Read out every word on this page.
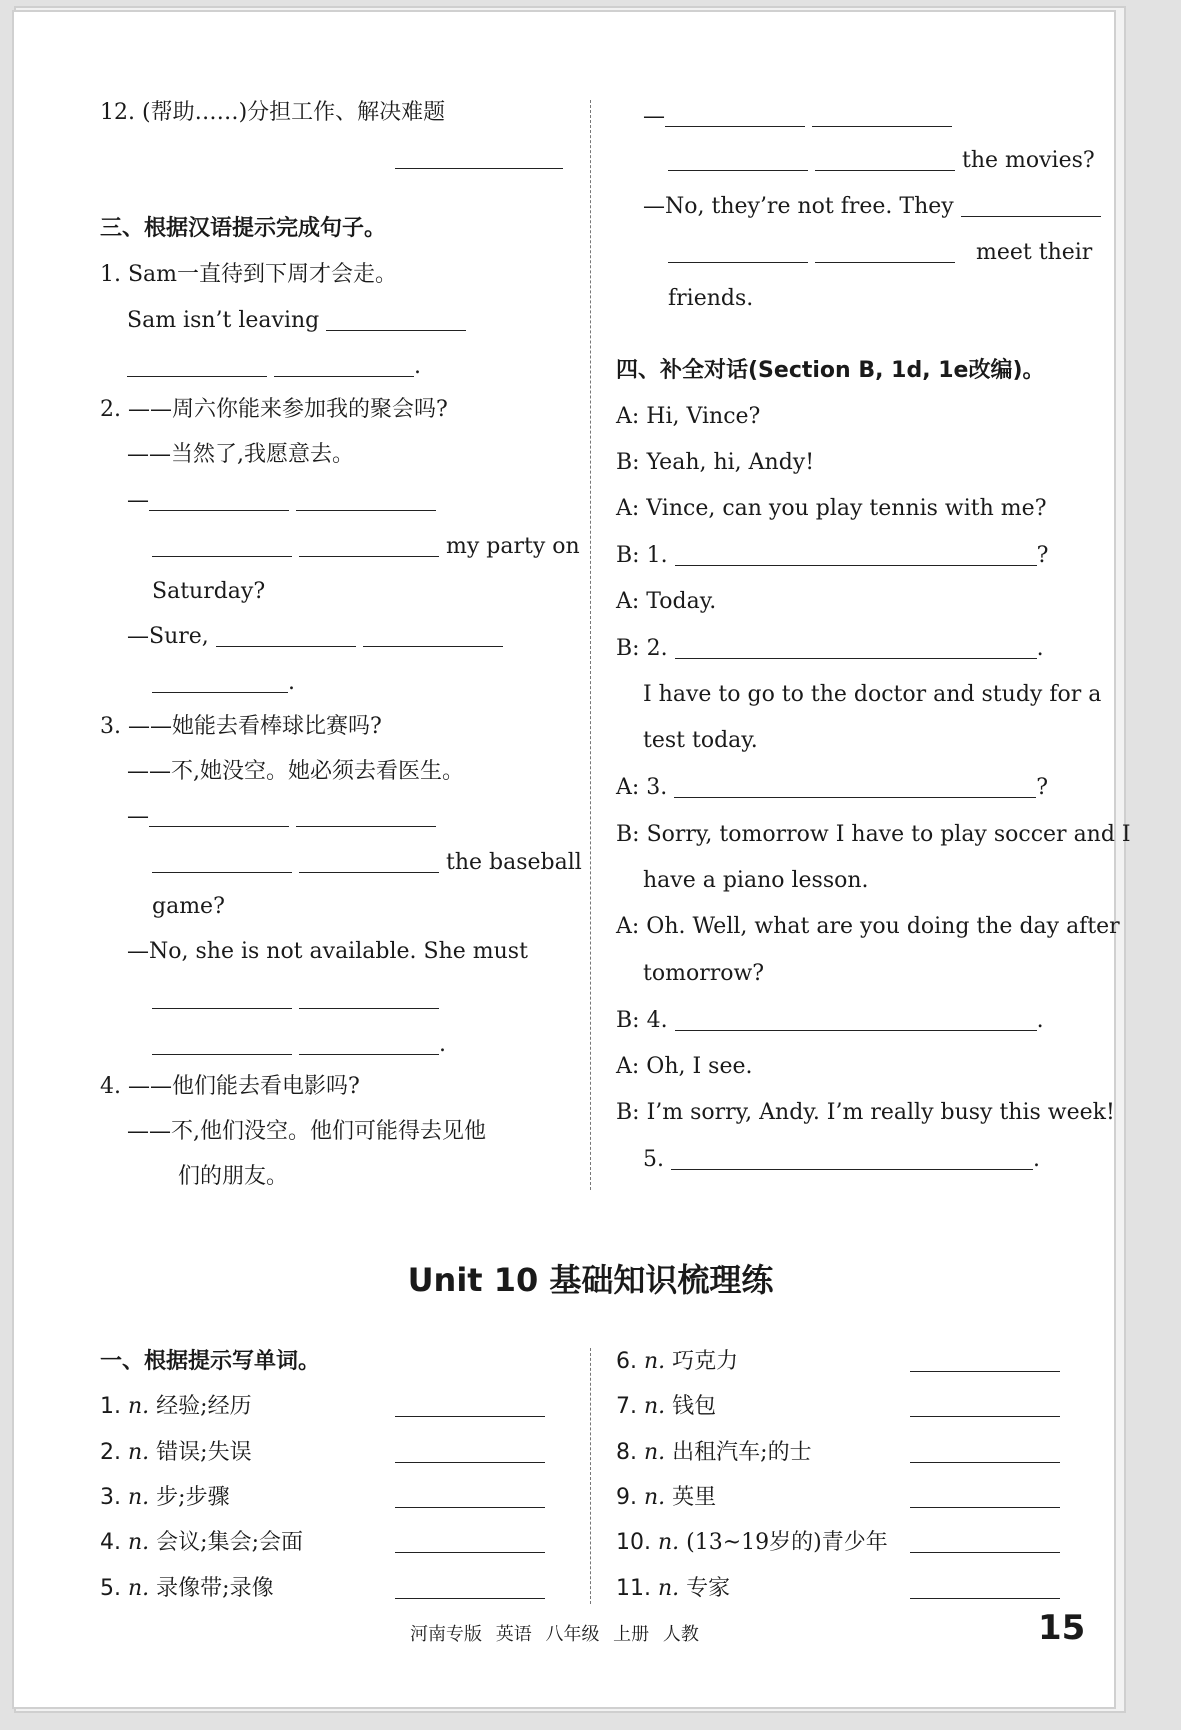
12. (帮助……)分担工作、解决难题
三、根据汉语提示完成句子。
1. Sam一直待到下周才会走。
Sam isn’t leaving
.
2. ——周六你能来参加我的聚会吗?
——当然了,我愿意去。
—
my party on
Saturday?
—Sure,
.
3. ——她能去看棒球比赛吗?
——不,她没空。她必须去看医生。
—
the baseball
game?
—No, she is not available. She must

.
4. ——他们能去看电影吗?
——不,他们没空。他们可能得去见他
们的朋友。
—
the movies?
—No, they’re not free. They
meet their
friends.
四、补全对话(Section B, 1d, 1e改编)。
A: Hi, Vince?
B: Yeah, hi, Andy!
A: Vince, can you play tennis with me?
B: 1.	?
A: Today.
B: 2.	.
I have to go to the doctor and study for a
test today.
A: 3.	?
B: Sorry, tomorrow I have to play soccer and I
have a piano lesson.
A: Oh. Well, what are you doing the day after
tomorrow?
B: 4.	.
A: Oh, I see.
B: I’m sorry, Andy. I’m really busy this week!
5.	.
Unit 10 基础知识梳理练
一、根据提示写单词。
1. n. 经验;经历
2. n. 错误;失误
3. n. 步;步骤
4. n. 会议;集会;会面
5. n. 录像带;录像
6. n. 巧克力
7. n. 钱包
8. n. 出租汽车;的士
9. n. 英里
10. n. (13~19岁的)青少年
11. n. 专家
河南专版 英语 八年级 上册 人教	15
